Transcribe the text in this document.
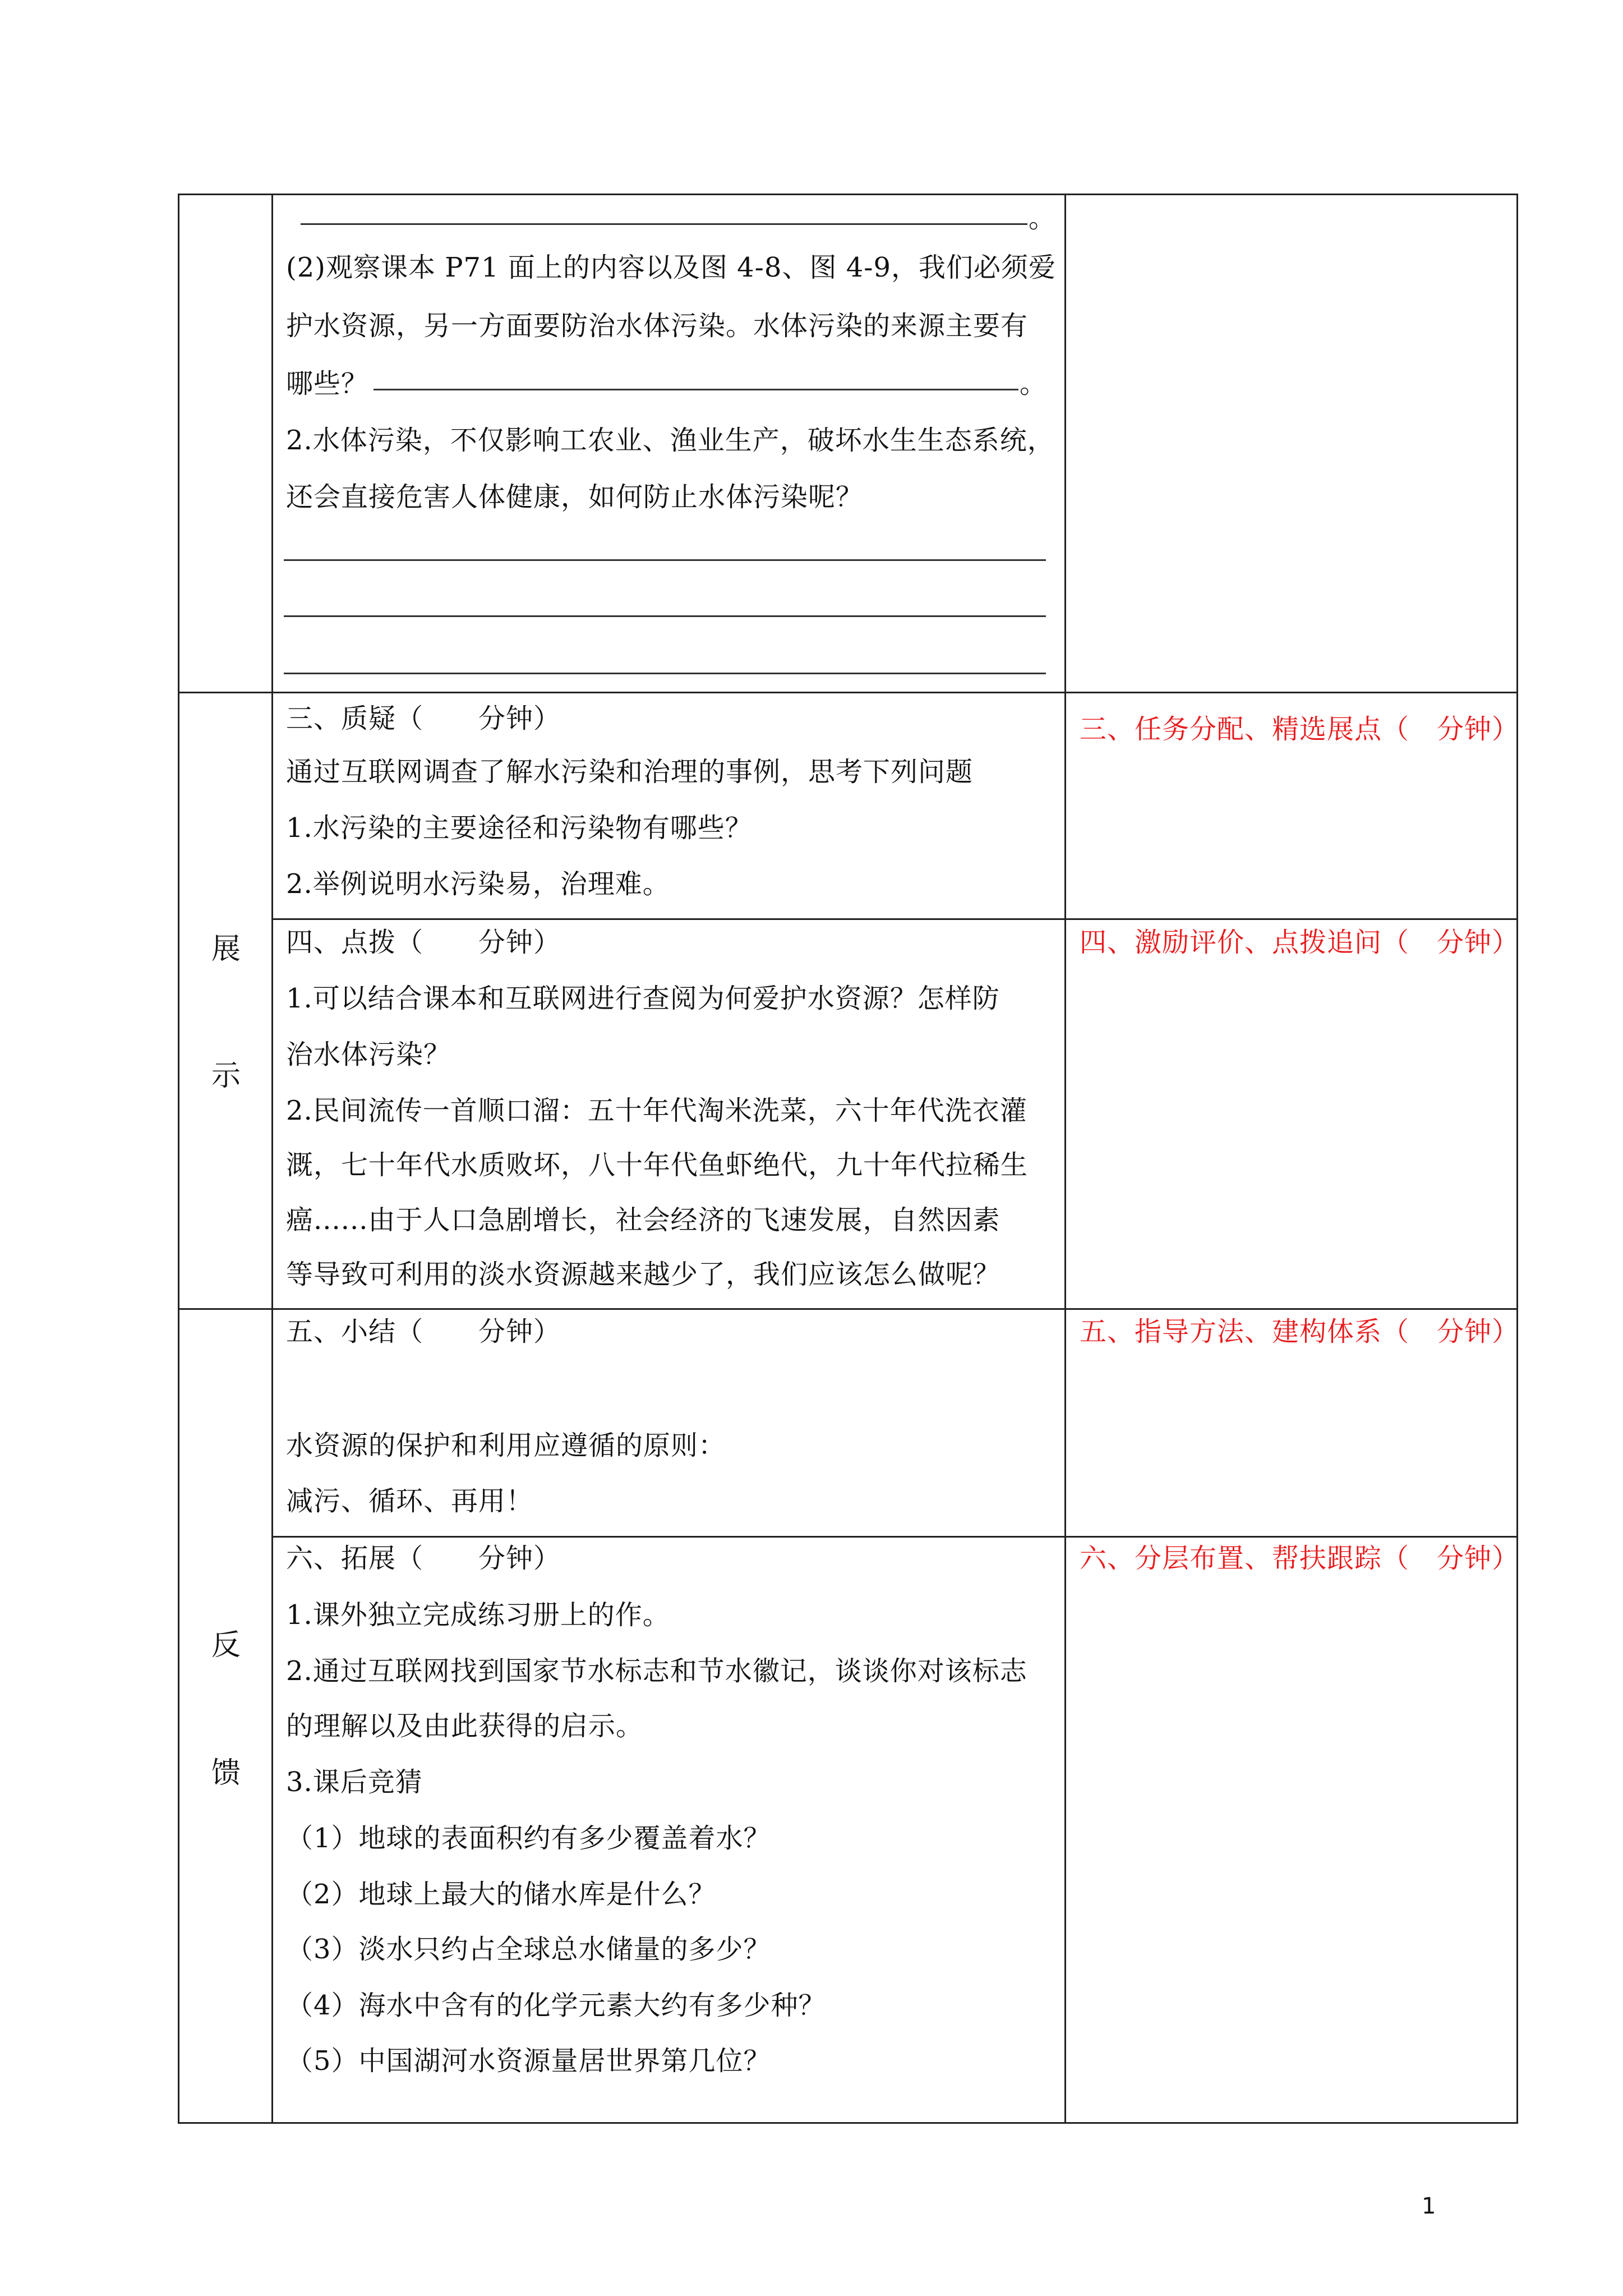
。
(2)观察课本 P71 面上的内容以及图 4-8、图 4-9，我们必须爱
护水资源，另一方面要防治水体污染。水体污染的来源主要有
哪些？	。
2.水体污染，不仅影响工农业、渔业生产，破坏水生生态系统，
还会直接危害人体健康，如何防止水体污染呢？
展
示
三、质疑（　　分钟）
通过互联网调查了解水污染和治理的事例，思考下列问题
1.水污染的主要途径和污染物有哪些？
2.举例说明水污染易，治理难。
三、任务分配、精选展点（　分钟）
四、点拨（　　分钟）
1.可以结合课本和互联网进行查阅为何爱护水资源？怎样防
治水体污染？
2.民间流传一首顺口溜：五十年代淘米洗菜，六十年代洗衣灌
溉，七十年代水质败坏，八十年代鱼虾绝代，九十年代拉稀生
癌......由于人口急剧增长，社会经济的飞速发展，自然因素
等导致可利用的淡水资源越来越少了，我们应该怎么做呢？
四、激励评价、点拨追问（　分钟）
反
馈
五、小结（　　分钟）
水资源的保护和利用应遵循的原则：
减污、循环、再用！
五、指导方法、建构体系（　分钟）
六、拓展（　　分钟）
1.课外独立完成练习册上的作。
2.通过互联网找到国家节水标志和节水徽记，谈谈你对该标志
的理解以及由此获得的启示。
3.课后竞猜
（1）地球的表面积约有多少覆盖着水？
（2）地球上最大的储水库是什么？
（3）淡水只约占全球总水储量的多少？
（4）海水中含有的化学元素大约有多少种？
（5）中国湖河水资源量居世界第几位？
六、分层布置、帮扶跟踪（　分钟）
1
